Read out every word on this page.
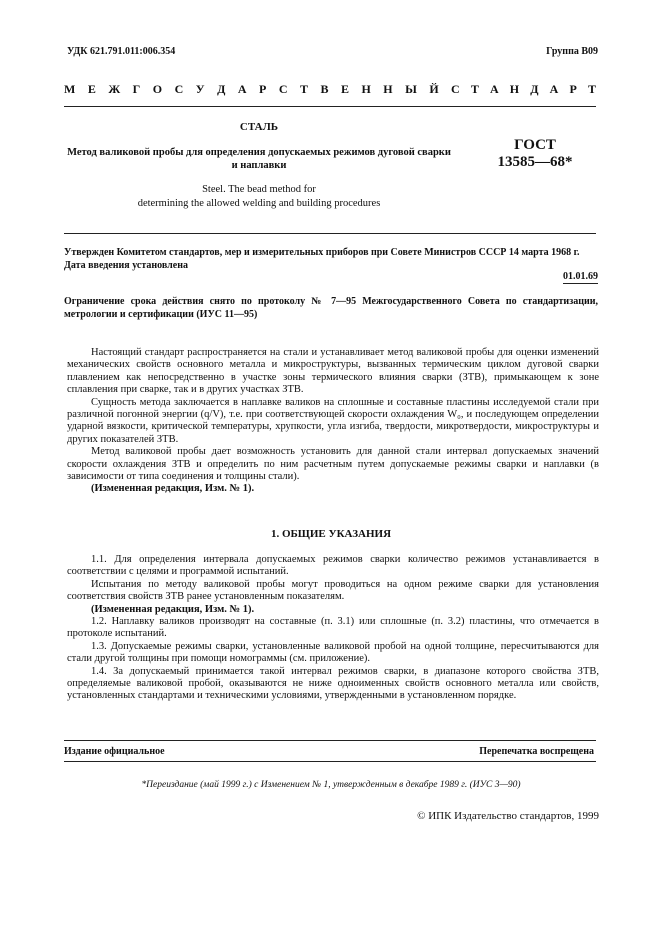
УДК 621.791.011:006.354	Группа В09
М Е Ж Г О С У Д А Р С Т В Е Н Н Ы Й С Т А Н Д А Р Т
СТАЛЬ
Метод валиковой пробы для определения допускаемых режимов дуговой сварки и наплавки
ГОСТ
13585—68*
Steel. The bead method for
determining the allowed welding and building procedures
Утвержден Комитетом стандартов, мер и измерительных приборов при Совете Министров СССР 14 марта 1968 г.
Дата введения установлена
01.01.69
Ограничение срока действия снято по протоколу № 7—95 Межгосударственного Совета по стандартизации, метрологии и сертификации (ИУС 11—95)

Настоящий стандарт распространяется на стали и устанавливает метод валиковой пробы для оценки изменений механических свойств основного металла и микроструктуры, вызванных термическим циклом дуговой сварки плавлением как непосредственно в участке зоны термического влияния сварки (ЗТВ), примыкающем к зоне сплавления при сварке, так и в других участках ЗТВ.

Сущность метода заключается в наплавке валиков на сплошные и составные пластины исследуемой стали при различной погонной энергии (q/V), т.е. при соответствующей скорости охлаждения W₀, и последующем определении ударной вязкости, критической температуры, хрупкости, угла изгиба, твердости, микротвердости, микроструктуры и других показателей ЗТВ.

Метод валиковой пробы дает возможность установить для данной стали интервал допускаемых значений скорости охлаждения ЗТВ и определить по ним расчетным путем допускаемые режимы сварки и наплавки (в зависимости от типа соединения и толщины стали).

(Измененная редакция, Изм. № 1).

1. ОБЩИЕ УКАЗАНИЯ

1.1. Для определения интервала допускаемых режимов сварки количество режимов устанавливается в соответствии с целями и программой испытаний.

Испытания по методу валиковой пробы могут проводиться на одном режиме сварки для установления соответствия свойств ЗТВ ранее установленным показателям.

(Измененная редакция, Изм. № 1).

1.2. Наплавку валиков производят на составные (п. 3.1) или сплошные (п. 3.2) пластины, что отмечается в протоколе испытаний.

1.3. Допускаемые режимы сварки, установленные валиковой пробой на одной толщине, пересчитываются для стали другой толщины при помощи номограммы (см. приложение).

1.4. За допускаемый принимается такой интервал режимов сварки, в диапазоне которого свойства ЗТВ, определяемые валиковой пробой, оказываются не ниже одноименных свойств основного металла или свойств, установленных стандартами и техническими условиями, утвержденными в установленном порядке.

Издание официальное	Перепечатка воспрещена
*Переиздание (май 1999 г.) с Изменением № 1, утвержденным в декабре 1989 г. (ИУС 3—90)
© ИПК Издательство стандартов, 1999
